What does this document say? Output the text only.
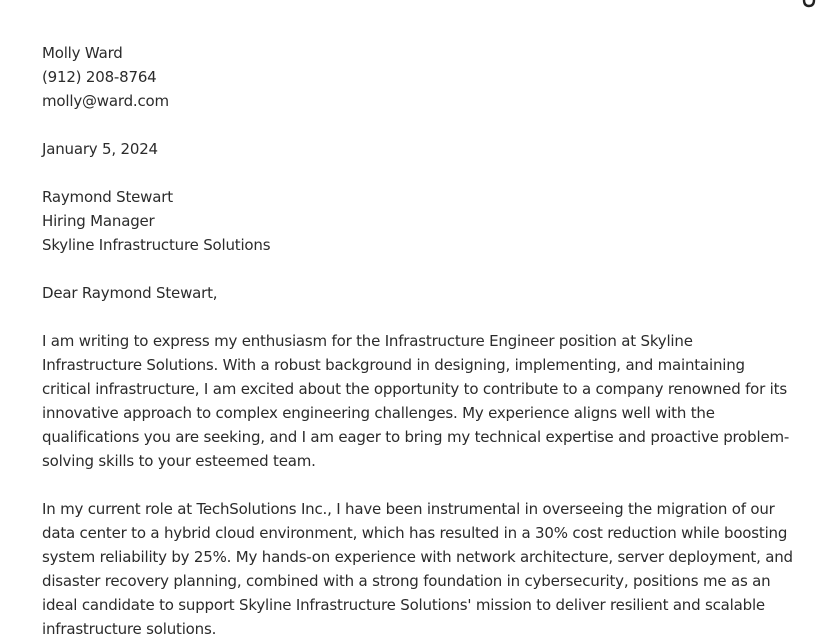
Molly Ward
(912) 208-8764
molly@ward.com
January 5, 2024
Raymond Stewart
Hiring Manager
Skyline Infrastructure Solutions
Dear Raymond Stewart,
I am writing to express my enthusiasm for the Infrastructure Engineer position at Skyline Infrastructure Solutions. With a robust background in designing, implementing, and maintaining critical infrastructure, I am excited about the opportunity to contribute to a company renowned for its innovative approach to complex engineering challenges. My experience aligns well with the qualifications you are seeking, and I am eager to bring my technical expertise and proactive problem-solving skills to your esteemed team.
In my current role at TechSolutions Inc., I have been instrumental in overseeing the migration of our data center to a hybrid cloud environment, which has resulted in a 30% cost reduction while boosting system reliability by 25%. My hands-on experience with network architecture, server deployment, and disaster recovery planning, combined with a strong foundation in cybersecurity, positions me as an ideal candidate to support Skyline Infrastructure Solutions' mission to deliver resilient and scalable infrastructure solutions.
